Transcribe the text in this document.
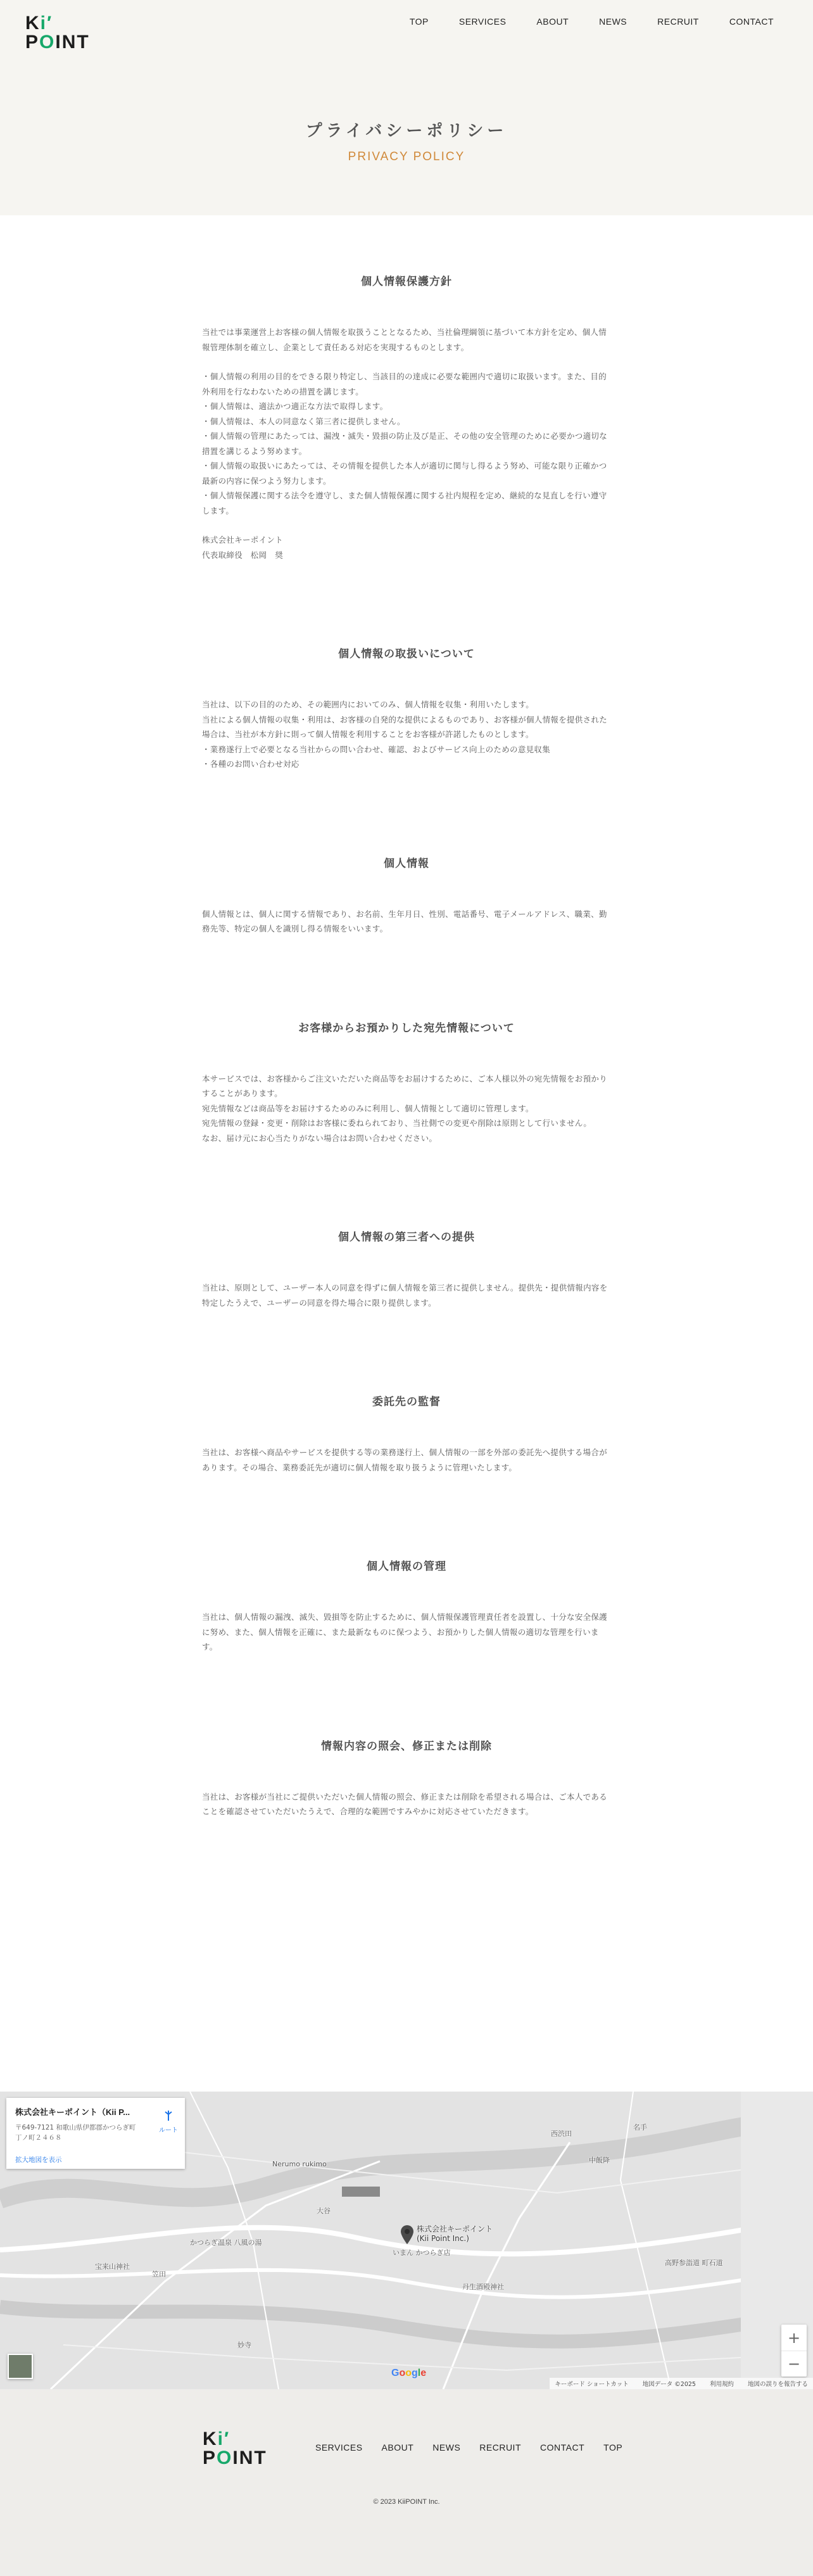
Ki′
POINT
TOP	SERVICES	ABOUT	NEWS	RECRUIT	CONTACT
プライバシーポリシー
PRIVACY POLICY
個人情報保護方針

当社では事業運営上お客様の個人情報を取扱うこととなるため、当社倫理綱領に基づいて本方針を定め、個人情報管理体制を確立し、企業として責任ある対応を実現するものとします。

・個人情報の利用の目的をできる限り特定し、当該目的の達成に必要な範囲内で適切に取扱います。また、目的外利用を行なわないための措置を講じます。
・個人情報は、適法かつ適正な方法で取得します。
・個人情報は、本人の同意なく第三者に提供しません。
・個人情報の管理にあたっては、漏洩・滅失・毀損の防止及び是正、その他の安全管理のために必要かつ適切な措置を講じるよう努めます。
・個人情報の取扱いにあたっては、その情報を提供した本人が適切に関与し得るよう努め、可能な限り正確かつ最新の内容に保つよう努力します。
・個人情報保護に関する法令を遵守し、また個人情報保護に関する社内規程を定め、継続的な見直しを行い遵守します。

株式会社キーポイント
代表取締役　松岡　奨

個人情報の取扱いについて

当社は、以下の目的のため、その範囲内においてのみ、個人情報を収集・利用いたします。
当社による個人情報の収集・利用は、お客様の自発的な提供によるものであり、お客様が個人情報を提供された場合は、当社が本方針に則って個人情報を利用することをお客様が許諾したものとします。
・業務遂行上で必要となる当社からの問い合わせ、確認、およびサービス向上のための意見収集
・各種のお問い合わせ対応

個人情報

個人情報とは、個人に関する情報であり、お名前、生年月日、性別、電話番号、電子メールアドレス、職業、勤務先等、特定の個人を識別し得る情報をいいます。

お客様からお預かりした宛先情報について

本サービスでは、お客様からご注文いただいた商品等をお届けするために、ご本人様以外の宛先情報をお預かりすることがあります。
宛先情報などは商品等をお届けするためのみに利用し、個人情報として適切に管理します。
宛先情報の登録・変更・削除はお客様に委ねられており、当社側での変更や削除は原則として行いません。
なお、届け元にお心当たりがない場合はお問い合わせください。

個人情報の第三者への提供

当社は、原則として、ユーザー本人の同意を得ずに個人情報を第三者に提供しません。提供先・提供情報内容を特定したうえで、ユーザーの同意を得た場合に限り提供します。

委託先の監督

当社は、お客様へ商品やサービスを提供する等の業務遂行上、個人情報の一部を外部の委託先へ提供する場合があります。その場合、業務委託先が適切に個人情報を取り扱うように管理いたします。

個人情報の管理

当社は、個人情報の漏洩、滅失、毀損等を防止するために、個人情報保護管理責任者を設置し、十分な安全保護に努め、また、個人情報を正確に、また最新なものに保つよう、お預かりした個人情報の適切な管理を行います。

情報内容の照会、修正または削除

当社は、お客様が当社にご提供いただいた個人情報の照会、修正または削除を希望される場合は、ご本人であることを確認させていただいたうえで、合理的な範囲ですみやかに対応させていただきます。

株式会社キーポイント（Kii P...
〒649-7121 和歌山県伊都郡かつらぎ町丁ノ町２４６８
拡大地図を表示
ルート
株式会社キーポイント
(Kii Point Inc.)
いまん かつらぎ店
Nerumo rukimo
かつらぎ温泉 八風の湯
宝来山神社
妙寺
丹生酒殿神社
笠田
大谷
西渋田
中飯降
高野参詣道 町石道
名手
+
−
Google
キーボード ショートカット 地図データ ©2025 利用規約 地図の誤りを報告する
Ki′
POINT	SERVICES ABOUT NEWS RECRUIT CONTACT TOP
© 2023 KiiPOINT Inc.
